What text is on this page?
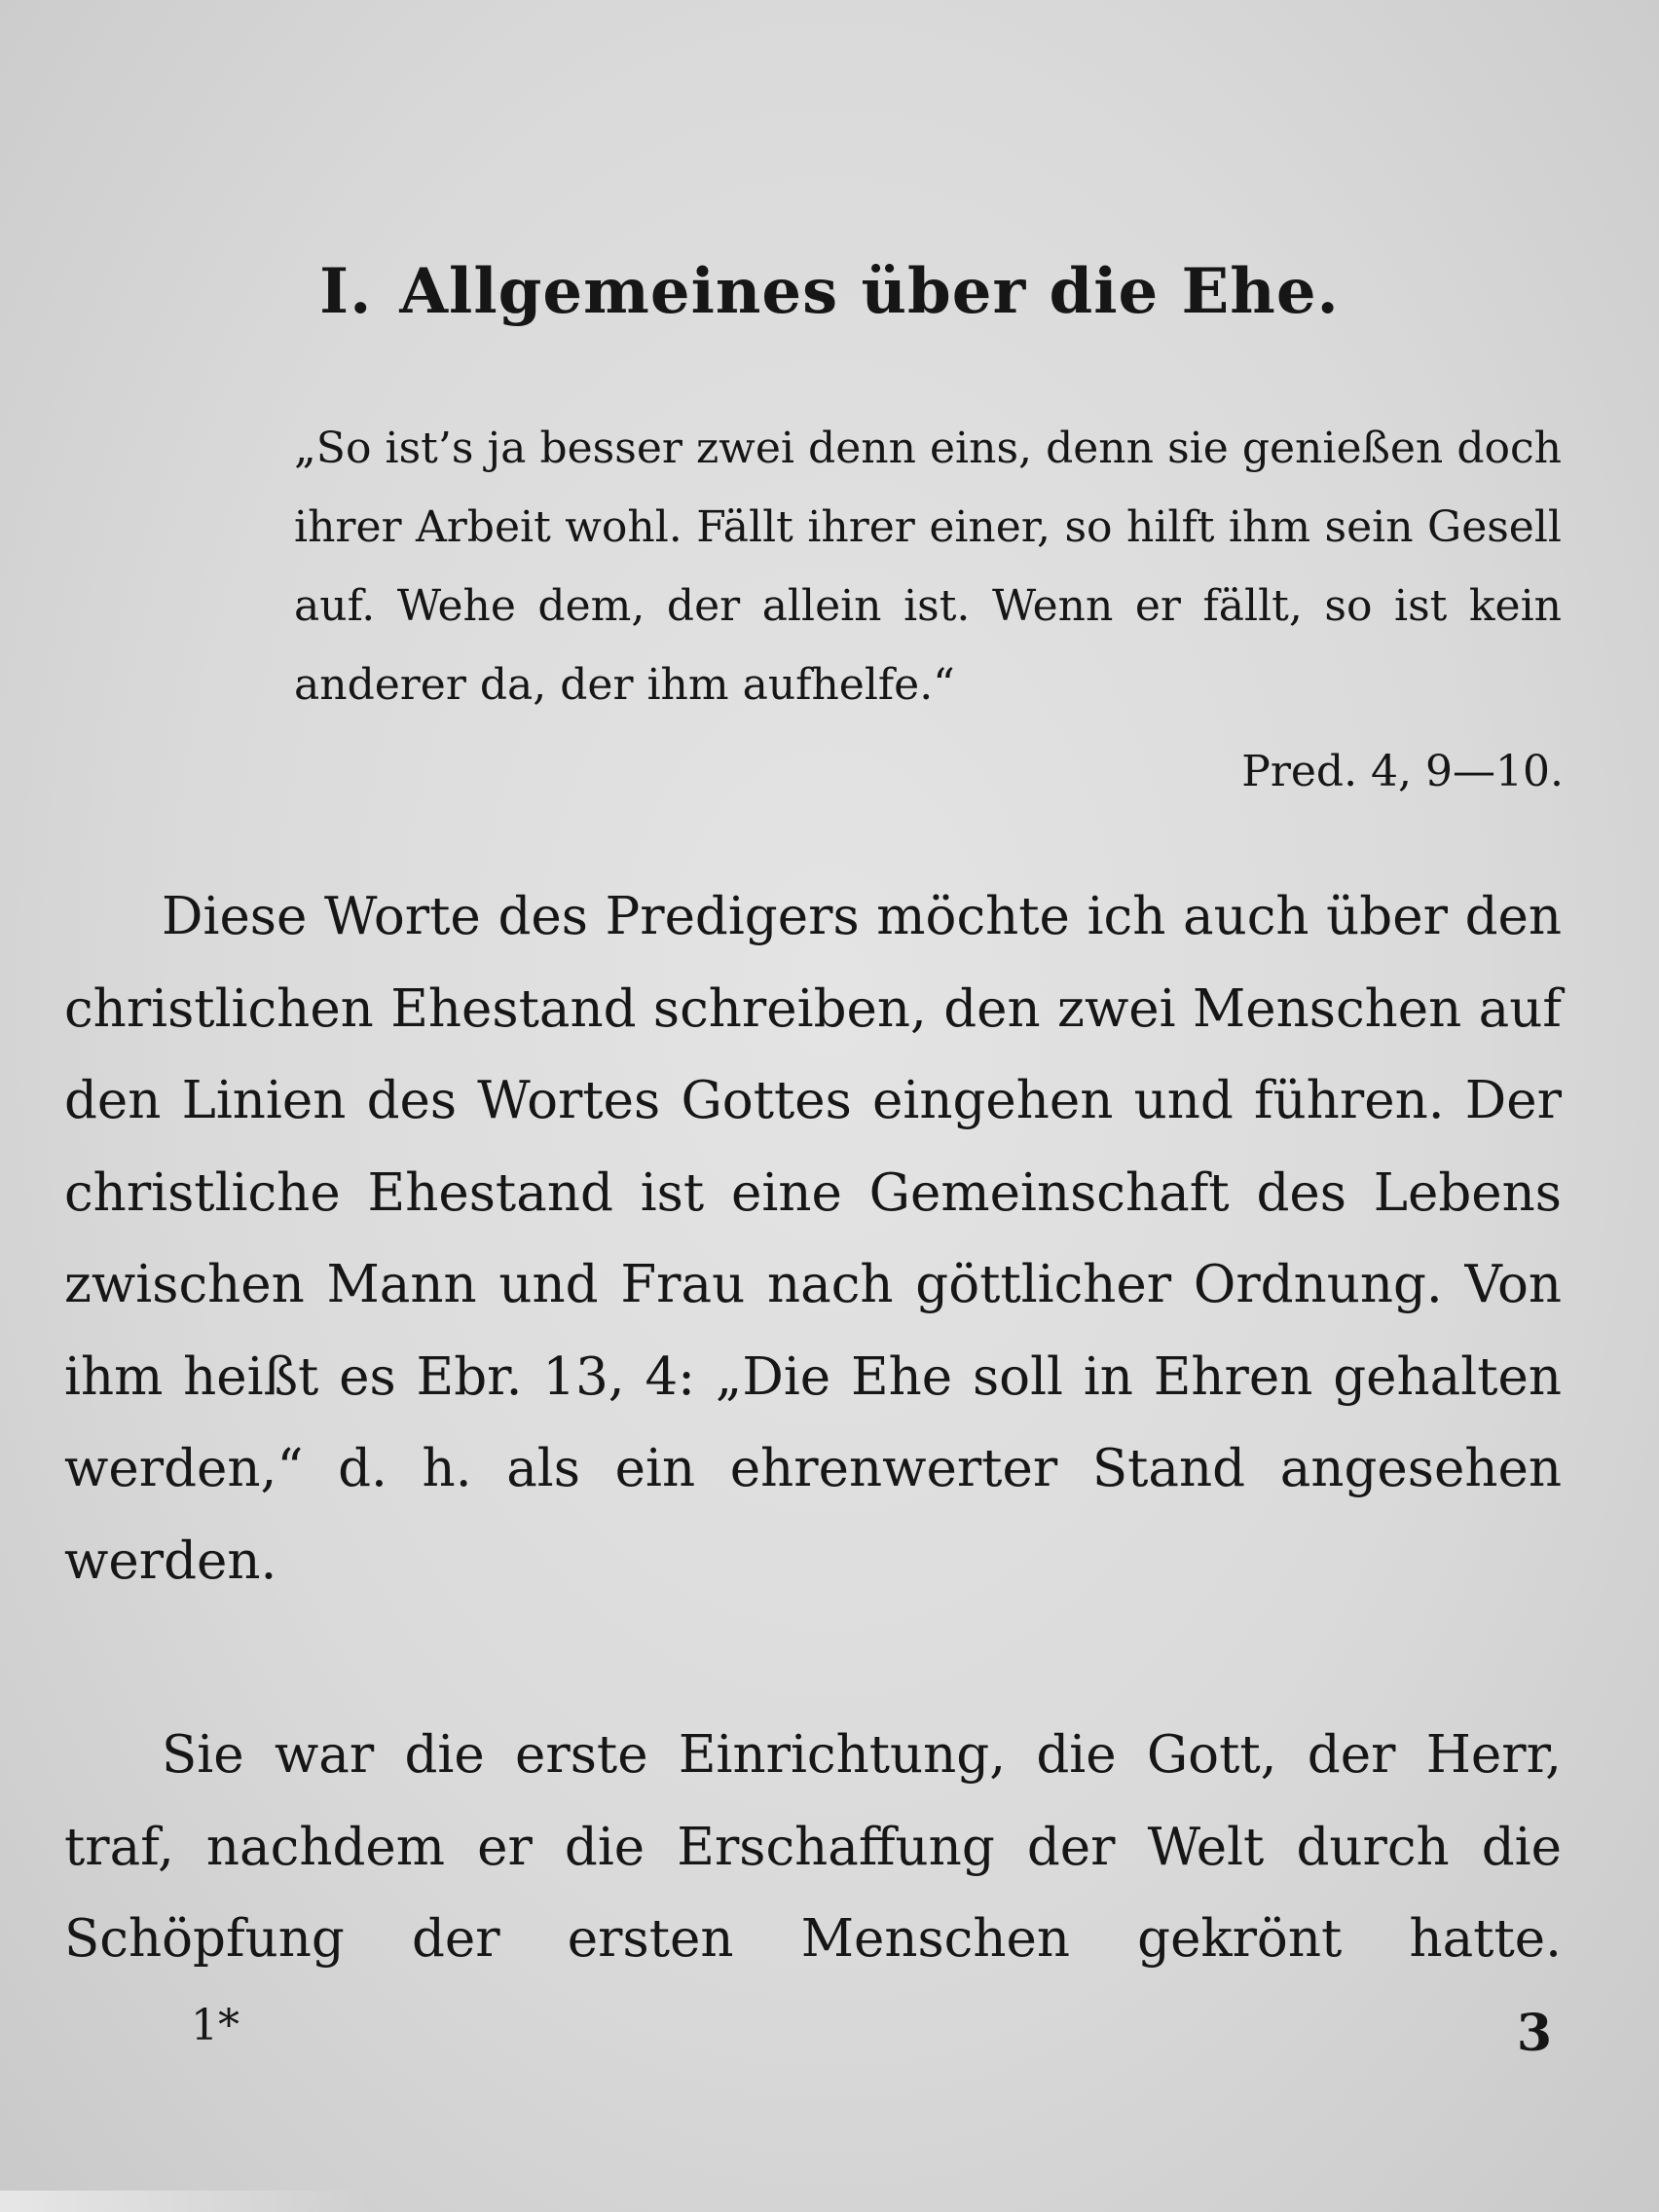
I. Allgemeines über die Ehe.

„So ist’s ja besser zwei denn eins, denn sie genießen doch ihrer Arbeit wohl. Fällt ihrer einer, so hilft ihm sein Gesell auf. Wehe dem, der allein ist. Wenn er fällt, so ist kein anderer da, der ihm aufhelfe.“

Pred. 4, 9—10.

Diese Worte des Predigers möchte ich auch über den christlichen Ehestand schreiben, den zwei Menschen auf den Linien des Wortes Gottes eingehen und führen. Der christliche Ehestand ist eine Gemeinschaft des Lebens zwischen Mann und Frau nach göttlicher Ordnung. Von ihm heißt es Ebr. 13, 4: „Die Ehe soll in Ehren gehalten werden,“ d. h. als ein ehrenwerter Stand angesehen werden.

Sie war die erste Einrichtung, die Gott, der Herr, traf, nachdem er die Erschaffung der Welt durch die Schöpfung der ersten Menschen gekrönt hatte.

1*	3
